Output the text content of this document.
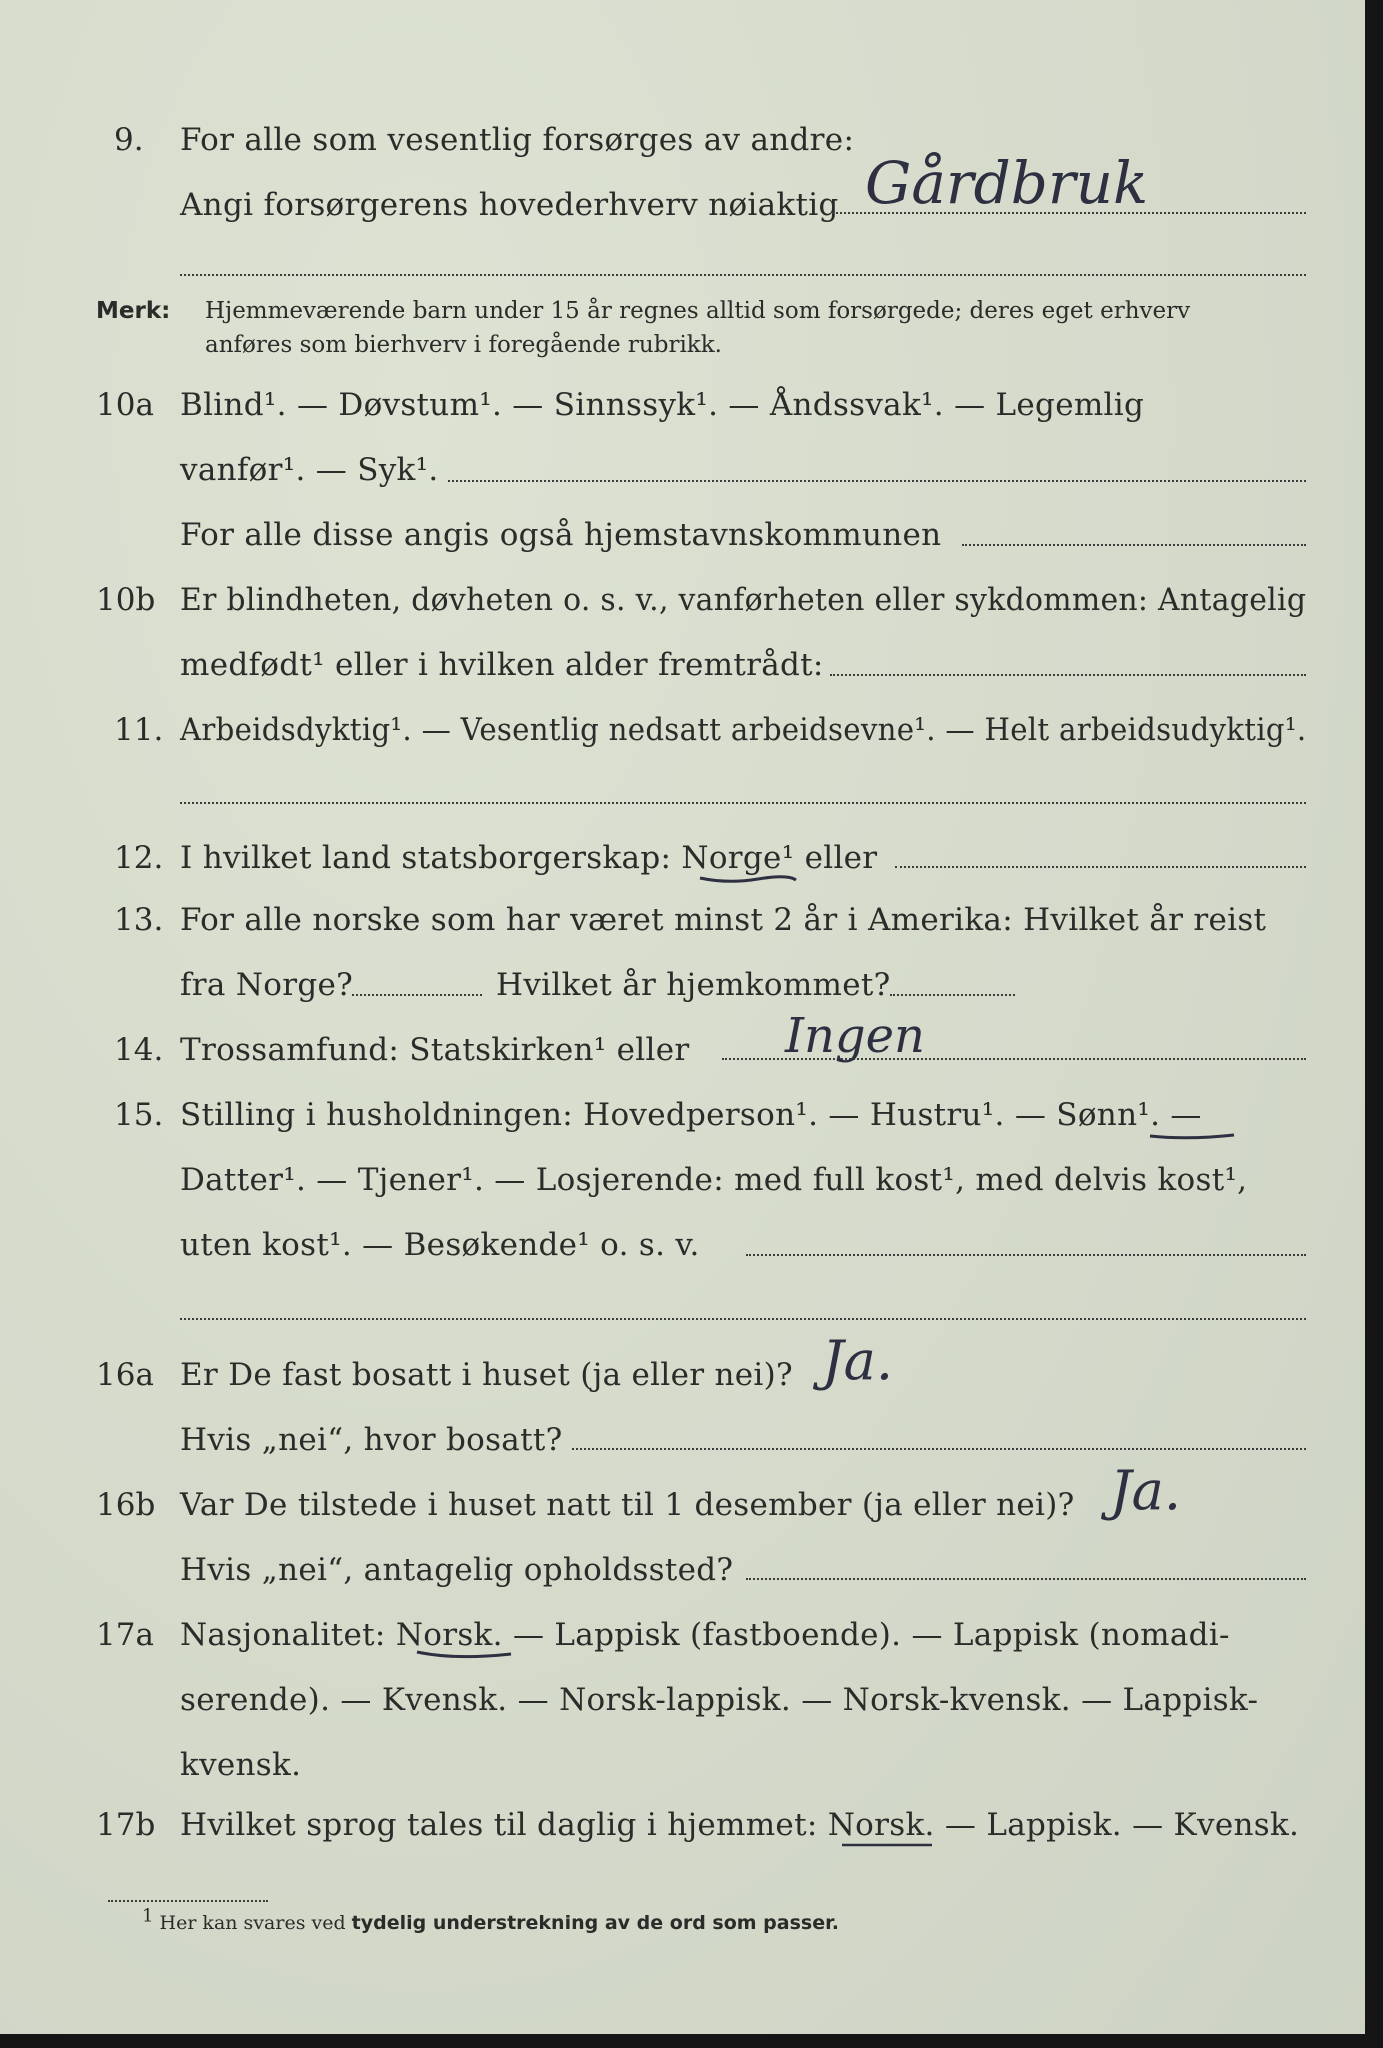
9. For alle som vesentlig forsørges av andre:
Angi forsørgerens hovederhverv nøiaktig Gårdbruk
Merk: Hjemmeværende barn under 15 år regnes alltid som forsørgede; deres eget erhverv
anføres som bierhverv i foregående rubrikk.
10a Blind¹. — Døvstum¹. — Sinnssyk¹. — Åndssvak¹. — Legemlig
vanfør¹. — Syk¹.
For alle disse angis også hjemstavnskommunen
10b Er blindheten, døvheten o. s. v., vanførheten eller sykdommen: Antagelig
medfødt¹ eller i hvilken alder fremtrådt:
11. Arbeidsdyktig¹. — Vesentlig nedsatt arbeidsevne¹. — Helt arbeidsudyktig¹.
12. I hvilket land statsborgerskap: Norge¹ eller
13. For alle norske som har været minst 2 år i Amerika: Hvilket år reist
fra Norge?	Hvilket år hjemkommet?
14. Trossamfund: Statskirken¹ eller Ingen
15. Stilling i husholdningen: Hovedperson¹. — Hustru¹. — Sønn¹. —
Datter¹. — Tjener¹. — Losjerende: med full kost¹, med delvis kost¹,
uten kost¹. — Besøkende¹ o. s. v.
16a Er De fast bosatt i huset (ja eller nei)? Ja.
Hvis „nei“, hvor bosatt?
16b Var De tilstede i huset natt til 1 desember (ja eller nei)? Ja.
Hvis „nei“, antagelig opholdssted?
17a Nasjonalitet: Norsk. — Lappisk (fastboende). — Lappisk (nomadi-
serende). — Kvensk. — Norsk-lappisk. — Norsk-kvensk. — Lappisk-
kvensk.
17b Hvilket sprog tales til daglig i hjemmet: Norsk. — Lappisk. — Kvensk.
1 Her kan svares ved tydelig understrekning av de ord som passer.
